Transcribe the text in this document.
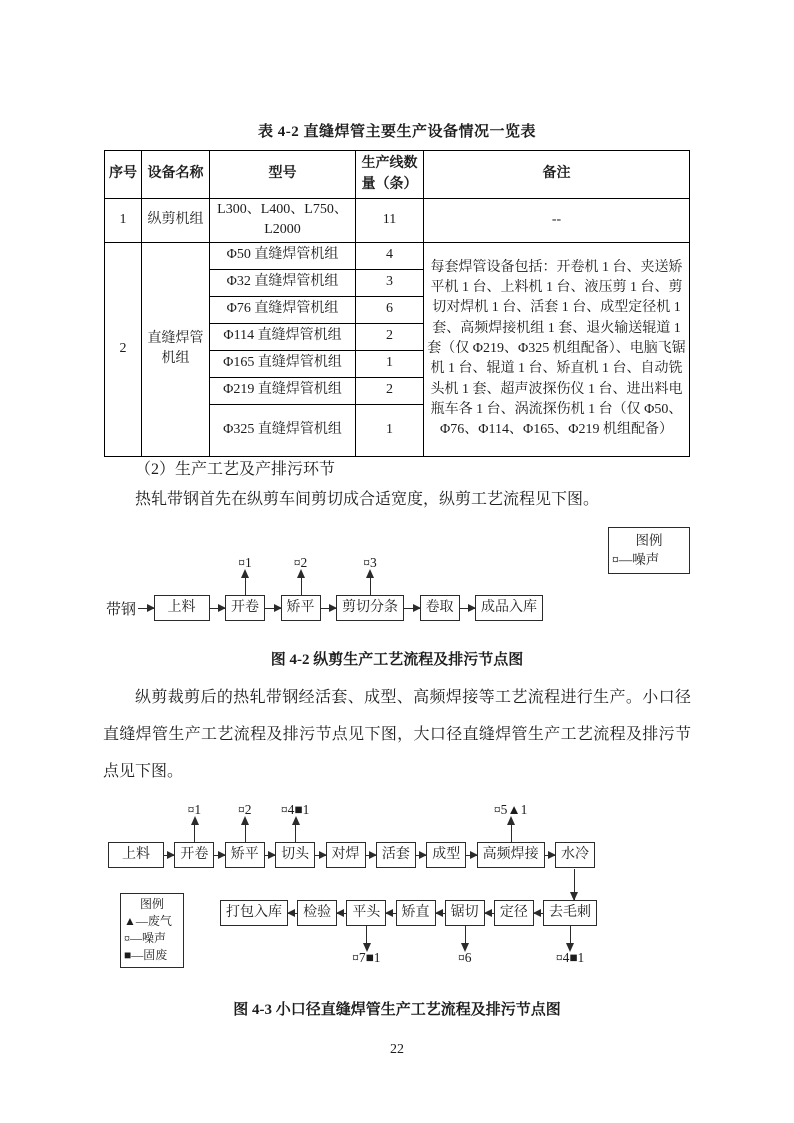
表 4-2 直缝焊管主要生产设备情况一览表
序号	设备名称	型号	生产线数量（条）	备注
1	纵剪机组	L300、L400、L750、L2000	11	--
2	直缝焊管机组	Φ50 直缝焊管机组	4	每套焊管设备包括：开卷机 1 台、夹送矫平机 1 台、上料机 1 台、液压剪 1 台、剪切对焊机 1 台、活套 1 台、成型定径机 1 套、高频焊接机组 1 套、退火输送辊道 1 套（仅 Φ219、Φ325 机组配备）、电脑飞锯机 1 台、辊道 1 台、矫直机 1 台、自动铣头机 1 套、超声波探伤仪 1 台、进出料电瓶车各 1 台、涡流探伤机 1 台（仅 Φ50、Φ76、Φ114、Φ165、Φ219 机组配备）
		Φ32 直缝焊管机组	3	
		Φ76 直缝焊管机组	6	
		Φ114 直缝焊管机组	2	
		Φ165 直缝焊管机组	1	
		Φ219 直缝焊管机组	2	
		Φ325 直缝焊管机组	1	
（2）生产工艺及产排污环节
热轧带钢首先在纵剪车间剪切成合适宽度，纵剪工艺流程见下图。
图例
¤—噪声
带钢 上料	开卷
¤1
矫平
¤2
剪切分条
¤3
卷取 成品入库
图 4-2 纵剪生产工艺流程及排污节点图
纵剪裁剪后的热轧带钢经活套、成型、高频焊接等工艺流程进行生产。小口径直缝焊管生产工艺流程及排污节点见下图，大口径直缝焊管生产工艺流程及排污节点见下图。
上料 开卷
¤1
矫平
¤2
切头
¤4■1
对焊 活套 成型 高频焊接
¤5▲1
水冷
打包入库 检验 平头
¤7■1
矫直 锯切
¤6
定径 去毛刺
¤4■1
图例
▲—废气
¤—噪声
■—固废
图 4-3 小口径直缝焊管生产工艺流程及排污节点图
22
